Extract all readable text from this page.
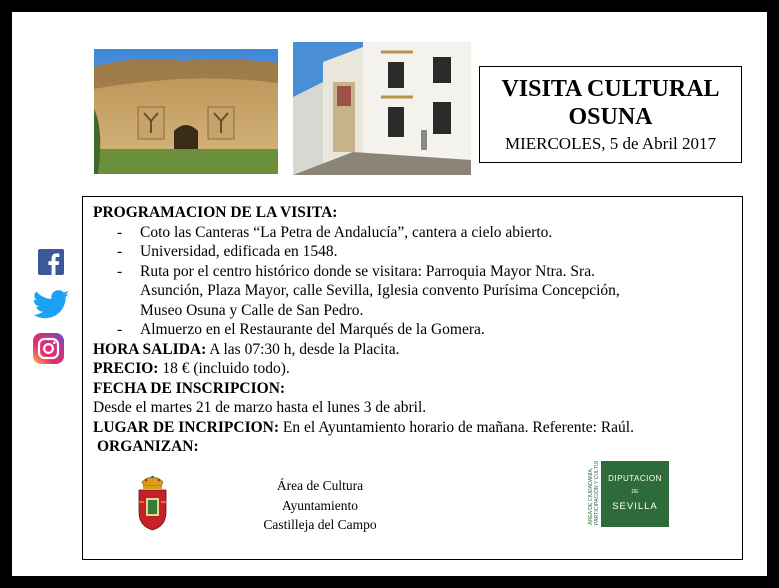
VISITA CULTURAL
OSUNA
MIERCOLES, 5 de Abril 2017
PROGRAMACION DE LA VISITA:
- Coto las Canteras “La Petra de Andalucía”, cantera a cielo abierto.
- Universidad, edificada en 1548.
- Ruta por el centro histórico donde se visitara: Parroquia Mayor Ntra. Sra.
Asunción, Plaza Mayor, calle Sevilla, Iglesia convento Purísima Concepción,
Museo Osuna y Calle de San Pedro.
- Almuerzo en el Restaurante del Marqués de la Gomera.
HORA SALIDA: A las 07:30 h, desde la Placita.
PRECIO: 18 € (incluido todo).
FECHA DE INSCRIPCION:
Desde el martes 21 de marzo hasta el lunes 3 de abril.
LUGAR DE INCRIPCION: En el Ayuntamiento horario de mañana. Referente: Raúl.
ORGANIZAN:
Área de Cultura
Ayuntamiento
Castilleja del Campo	ÁREA DE CIUDADANÍA, PARTICIPACIÓN Y CULTURA DIPUTACION
DE
SEVILLA
